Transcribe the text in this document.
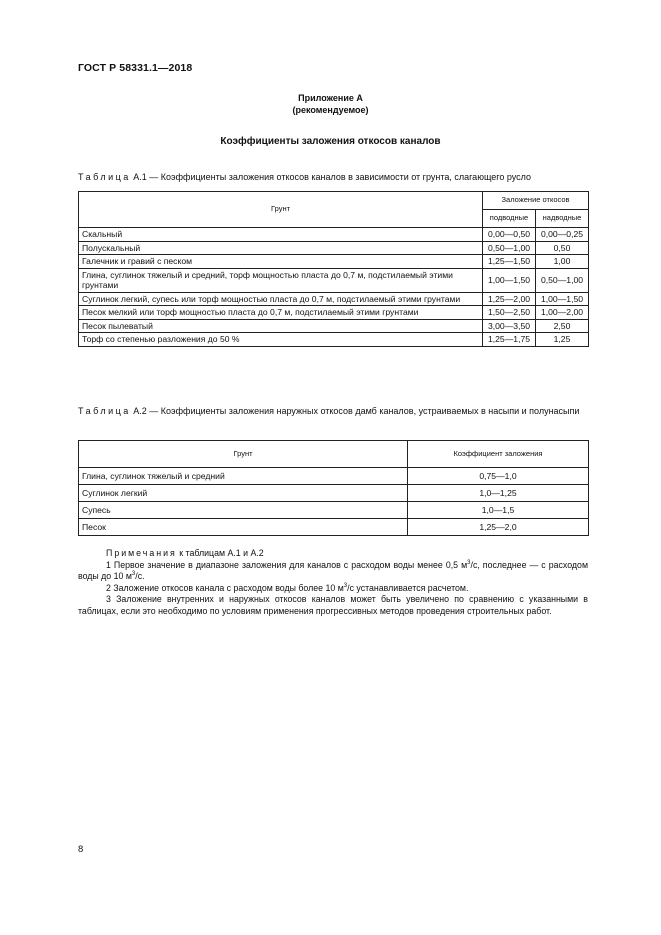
ГОСТ Р 58331.1—2018
Приложение А
(рекомендуемое)
Коэффициенты заложения откосов каналов
Таблица А.1 — Коэффициенты заложения откосов каналов в зависимости от грунта, слагающего русло
Грунт	Заложение откосов	
	подводные	надводные
Скальный	0,00—0,50	0,00—0,25
Полускальный	0,50—1,00	0,50
Галечник и гравий с песком	1,25—1,50	1,00
Глина, суглинок тяжелый и средний, торф мощностью пласта до 0,7 м, подстилаемый этими грунтами	1,00—1,50	0,50—1,00
Суглинок легкий, супесь или торф мощностью пласта до 0,7 м, подстилаемый этими грунтами	1,25—2,00	1,00—1,50
Песок мелкий или торф мощностью пласта до 0,7 м, подстилаемый этими грунтами	1,50—2,50	1,00—2,00
Песок пылеватый	3,00—3,50	2,50
Торф со степенью разложения до 50 %	1,25—1,75	1,25
Таблица А.2 — Коэффициенты заложения наружных откосов дамб каналов, устраиваемых в насыпи и полунасыпи
Грунт	Коэффициент заложения
Глина, суглинок тяжелый и средний	0,75—1,0
Суглинок легкий	1,0—1,25
Супесь	1,0—1,5
Песок	1,25—2,0

Примечания к таблицам А.1 и А.2

1 Первое значение в диапазоне заложения для каналов с расходом воды менее 0,5 $м^3/с$, последнее — с расходом воды до 10 $м^3/с$.

2 Заложение откосов канала с расходом воды более 10 $м^3/с$ устанавливается расчетом.

3 Заложение внутренних и наружных откосов каналов может быть увеличено по сравнению с указанными в таблицах, если это необходимо по условиям применения прогрессивных методов проведения строительных работ.

8
